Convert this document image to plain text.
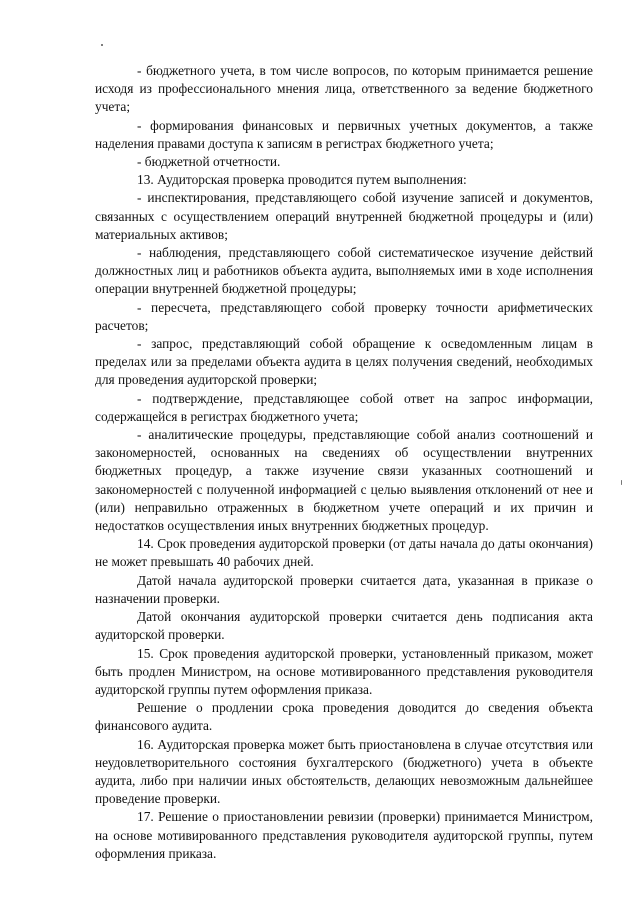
- бюджетного учета, в том числе вопросов, по которым принимается решение исходя из профессионального мнения лица, ответственного за ведение бюджетного учета;

- формирования финансовых и первичных учетных документов, а также наделения правами доступа к записям в регистрах бюджетного учета;

- бюджетной отчетности.

13. Аудиторская проверка проводится путем выполнения:

- инспектирования, представляющего собой изучение записей и документов, связанных с осуществлением операций внутренней бюджетной процедуры и (или) материальных активов;

- наблюдения, представляющего собой систематическое изучение действий должностных лиц и работников объекта аудита, выполняемых ими в ходе исполнения операции внутренней бюджетной процедуры;

- пересчета, представляющего собой проверку точности арифметических расчетов;

- запрос, представляющий собой обращение к осведомленным лицам в пределах или за пределами объекта аудита в целях получения сведений, необходимых для проведения аудиторской проверки;

- подтверждение, представляющее собой ответ на запрос информации, содержащейся в регистрах бюджетного учета;

- аналитические процедуры, представляющие собой анализ соотношений и закономерностей, основанных на сведениях об осуществлении внутренних бюджетных процедур, а также изучение связи указанных соотношений и закономерностей с полученной информацией с целью выявления отклонений от нее и (или) неправильно отраженных в бюджетном учете операций и их причин и недостатков осуществления иных внутренних бюджетных процедур.

14. Срок проведения аудиторской проверки (от даты начала до даты окончания) не может превышать 40 рабочих дней.

Датой начала аудиторской проверки считается дата, указанная в приказе о назначении проверки.

Датой окончания аудиторской проверки считается день подписания акта аудиторской проверки.

15. Срок проведения аудиторской проверки, установленный приказом, может быть продлен Министром, на основе мотивированного представления руководителя аудиторской группы путем оформления приказа.

Решение о продлении срока проведения доводится до сведения объекта финансового аудита.

16. Аудиторская проверка может быть приостановлена в случае отсутствия или неудовлетворительного состояния бухгалтерского (бюджетного) учета в объекте аудита, либо при наличии иных обстоятельств, делающих невозможным дальнейшее проведение проверки.

17. Решение о приостановлении ревизии (проверки) принимается Министром, на основе мотивированного представления руководителя аудиторской группы, путем оформления приказа.
